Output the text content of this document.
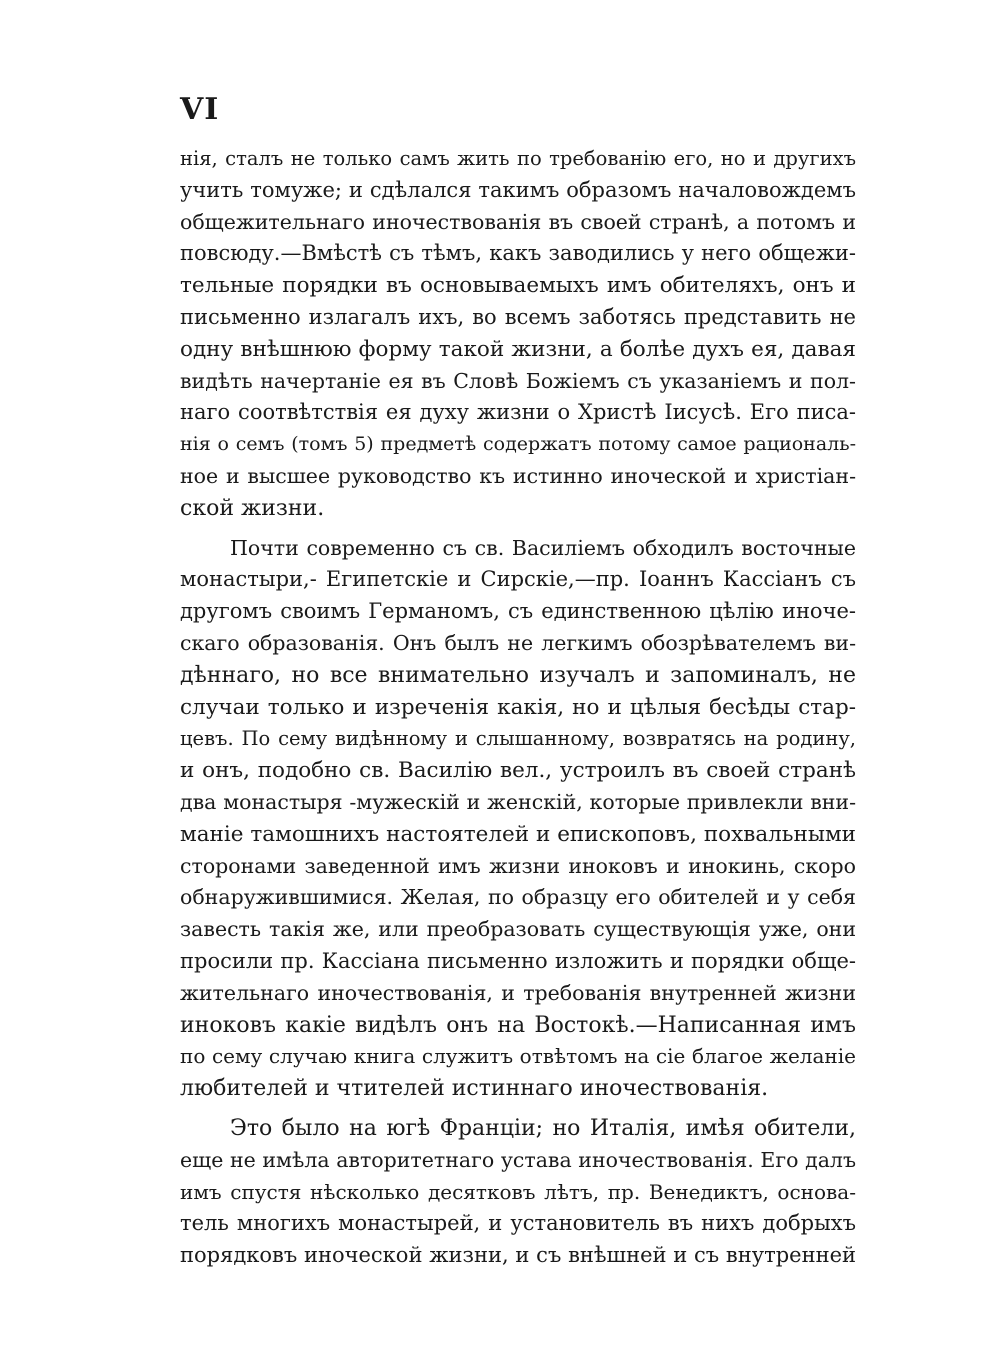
VI
нія, сталъ не только самъ жить по требованію его, но и другихъ
учить томуже; и сдѣлался такимъ образомъ началовождемъ
общежительнаго иночествованія въ своей странѣ, а потомъ и
повсюду.—Вмѣстѣ съ тѣмъ, какъ заводились у него общежи-
тельные порядки въ основываемыхъ имъ обителяхъ, онъ и
письменно излагалъ ихъ, во всемъ заботясь представить не
одну внѣшнюю форму такой жизни, а болѣе духъ ея, давая
видѣть начертаніе ея въ Словѣ Божіемъ съ указаніемъ и пол-
наго соотвѣтствія ея духу жизни о Христѣ Іисусѣ. Его писа-
нія о семъ (томъ 5) предметѣ содержатъ потому самое рациональ-
ное и высшее руководство къ истинно иноческой и христіан-
ской жизни.
Почти современно съ св. Василіемъ обходилъ восточные
монастыри,- Египетскіе и Сирскіе,—пр. Іоаннъ Кассіанъ съ
другомъ своимъ Германомъ, съ единственною цѣлію иноче-
скаго образованія. Онъ былъ не легкимъ обозрѣвателемъ ви-
дѣннаго, но все внимательно изучалъ и запоминалъ, не
случаи только и изреченія какія, но и цѣлыя бесѣды стар-
цевъ. По сему видѣнному и слышанному, возвратясь на родину,
и онъ, подобно св. Василію вел., устроилъ въ своей странѣ
два монастыря -мужескій и женскій, которые привлекли вни-
маніе тамошнихъ настоятелей и епископовъ, похвальными
сторонами заведенной имъ жизни иноковъ и инокинь, скоро
обнаружившимися. Желая, по образцу его обителей и у себя
завесть такія же, или преобразовать существующія уже, они
просили пр. Кассіана письменно изложить и порядки обще-
жительнаго иночествованія, и требованія внутренней жизни
иноковъ какіе видѣлъ онъ на Востокѣ.—Написанная имъ
по сему случаю книга служитъ отвѣтомъ на сіе благое желаніе
любителей и чтителей истиннаго иночествованія.
Это было на югѣ Франціи; но Италія, имѣя обители,
еще не имѣла авторитетнаго устава иночествованія. Его далъ
имъ спустя нѣсколько десятковъ лѣтъ, пр. Венедиктъ, основа-
тель многихъ монастырей, и установитель въ нихъ добрыхъ
порядковъ иноческой жизни, и съ внѣшней и съ внутренней
